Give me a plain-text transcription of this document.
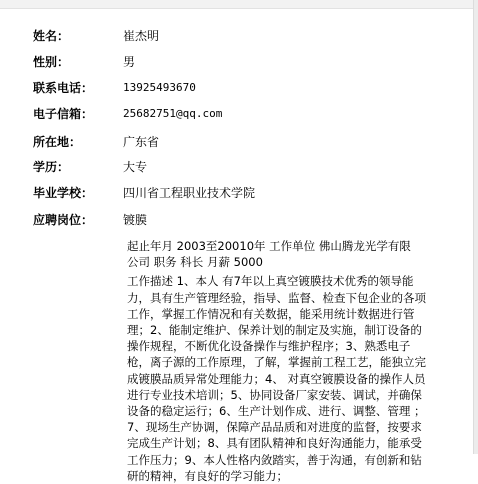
姓名：	崔杰明
性别：	男
联系电话：	13925493670
电子信箱：	25682751@qq.com
所在地：	广东省
学历：	大专
毕业学校： 四川省工程职业技术学院
应聘岗位： 镀膜

起止年月 2003至20010年 工作单位 佛山腾龙光学有限

公司 职务 科长 月薪 5000

工作描述 1、本人 有7年以上真空镀膜技术优秀的领导能

力，具有生产管理经验，指导、监督、检查下包企业的各项

工作，掌握工作情况和有关数据，能采用统计数据进行管

理；2、能制定维护、保养计划的制定及实施，制订设备的

操作规程，不断优化设备操作与维护程序；3、熟悉电子

枪，离子源的工作原理，了解，掌握前工程工艺，能独立完

成镀膜品质异常处理能力；4、 对真空镀膜设备的操作人员

进行专业技术培训；5、协同设备厂家安装、调试，并确保

设备的稳定运行；6、生产计划作成、进行、调整、管理 ；

7、现场生产协调，保障产品品质和对进度的监督，按要求

完成生产计划；8、具有团队精神和良好沟通能力，能承受

工作压力；9、本人性格内敛踏实，善于沟通，有创新和钻

研的精神，有良好的学习能力；
